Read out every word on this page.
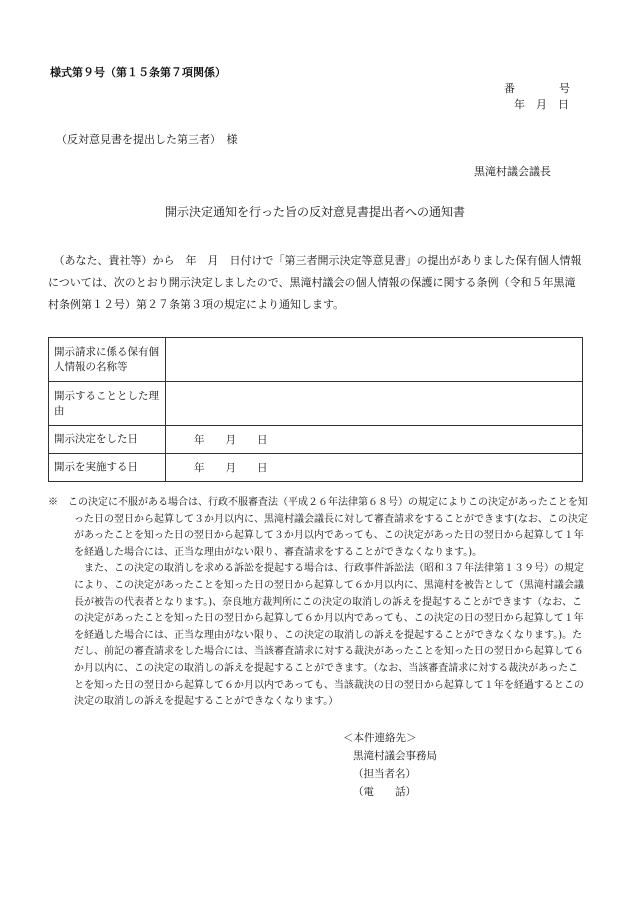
様式第９号（第１５条第７項関係）
番　　　　号
年　月　日
（反対意見書を提出した第三者）　様
黒滝村議会議長
開示決定通知を行った旨の反対意見書提出者への通知書

　（あなた、貴社等）から　年　月　日付けで「第三者開示決定等意見書」の提出がありました保有個人情報については、次のとおり開示決定しましたので、黒滝村議会の個人情報の保護に関する条例（令和５年黒滝村条例第１２号）第２７条第３項の規定により通知します。

開示請求に係る保有個人情報の名称等	
開示することとした理由	
開示決定をした日	年　　月　　日
開示を実施する日	年　　月　　日

※　この決定に不服がある場合は、行政不服審査法（平成２６年法律第６８号）の規定によりこの決定があったことを知った日の翌日から起算して３か月以内に、黒滝村議会議長に対して審査請求をすることができます(なお、この決定があったことを知った日の翌日から起算して３か月以内であっても、この決定があった日の翌日から起算して１年を経過した場合には、正当な理由がない限り、審査請求をすることができなくなります。)。

　また、この決定の取消しを求める訴訟を提起する場合は、行政事件訴訟法（昭和３７年法律第１３９号）の規定により、この決定があったことを知った日の翌日から起算して６か月以内に、黒滝村を被告として（黒滝村議会議長が被告の代表者となります。)、奈良地方裁判所にこの決定の取消しの訴えを提起することができます（なお、この決定があったことを知った日の翌日から起算して６か月以内であっても、この決定の日の翌日から起算して１年を経過した場合には、正当な理由がない限り、この決定の取消しの訴えを提起することができなくなります。)。ただし、前記の審査請求をした場合には、当該審査請求に対する裁決があったことを知った日の翌日から起算して６か月以内に、この決定の取消しの訴えを提起することができます。（なお、当該審査請求に対する裁決があったことを知った日の翌日から起算して６か月以内であっても、当該裁決の日の翌日から起算して１年を経過するとこの決定の取消しの訴えを提起することができなくなります。）

＜本件連絡先＞
黒滝村議会事務局
（担当者名）
（電　　話）
